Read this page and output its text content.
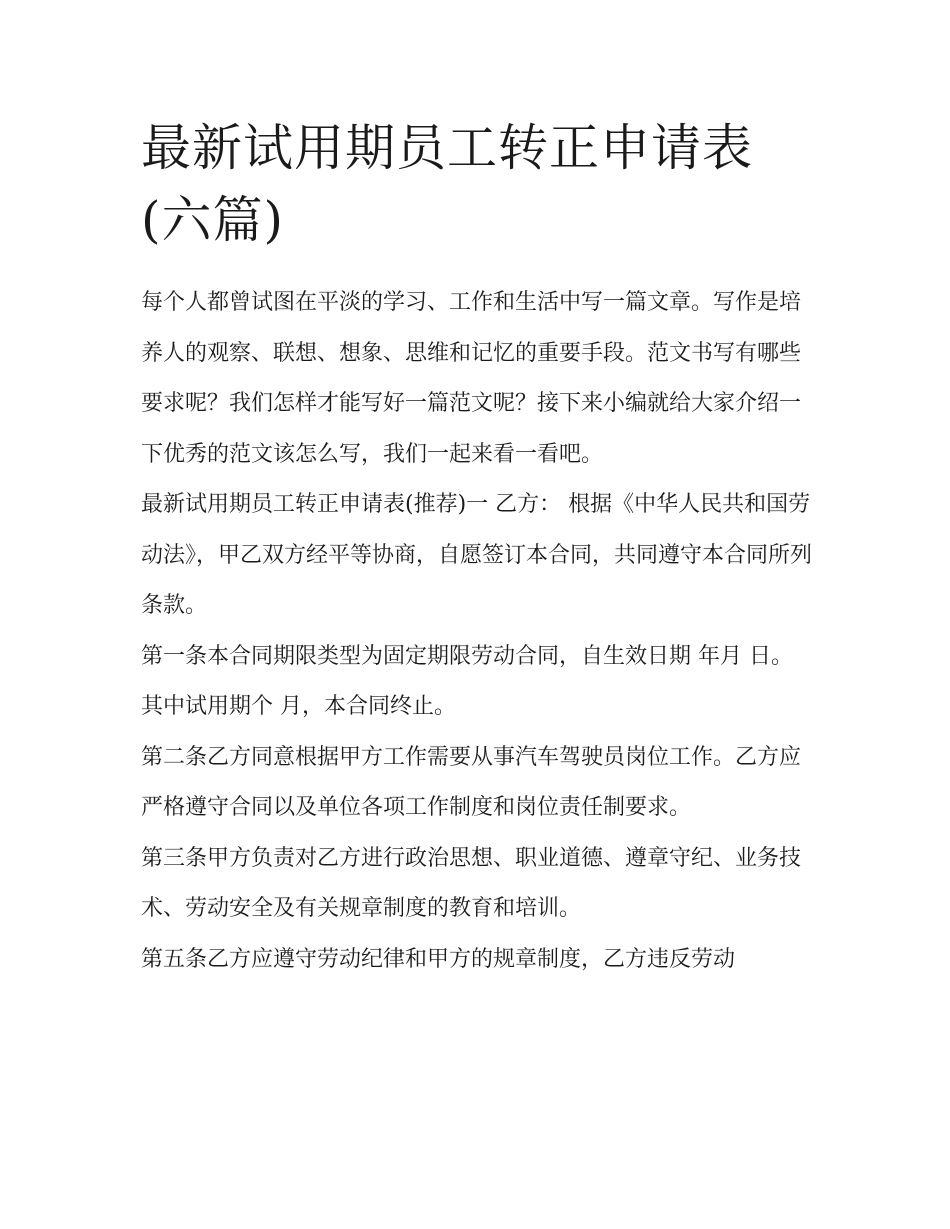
最新试用期员工转正申请表(六篇)

每个人都曾试图在平淡的学习、工作和生活中写一篇文章。写作是培养人的观察、联想、想象、思维和记忆的重要手段。范文书写有哪些要求呢？我们怎样才能写好一篇范文呢？接下来小编就给大家介绍一下优秀的范文该怎么写，我们一起来看一看吧。

最新试用期员工转正申请表(推荐)一 乙方： 根据《中华人民共和国劳动法》，甲乙双方经平等协商，自愿签订本合同，共同遵守本合同所列条款。

第一条本合同期限类型为固定期限劳动合同，自生效日期 年月 日。其中试用期个 月，本合同终止。

第二条乙方同意根据甲方工作需要从事汽车驾驶员岗位工作。乙方应严格遵守合同以及单位各项工作制度和岗位责任制要求。

第三条甲方负责对乙方进行政治思想、职业道德、遵章守纪、业务技术、劳动安全及有关规章制度的教育和培训。

第五条乙方应遵守劳动纪律和甲方的规章制度，乙方违反劳动
